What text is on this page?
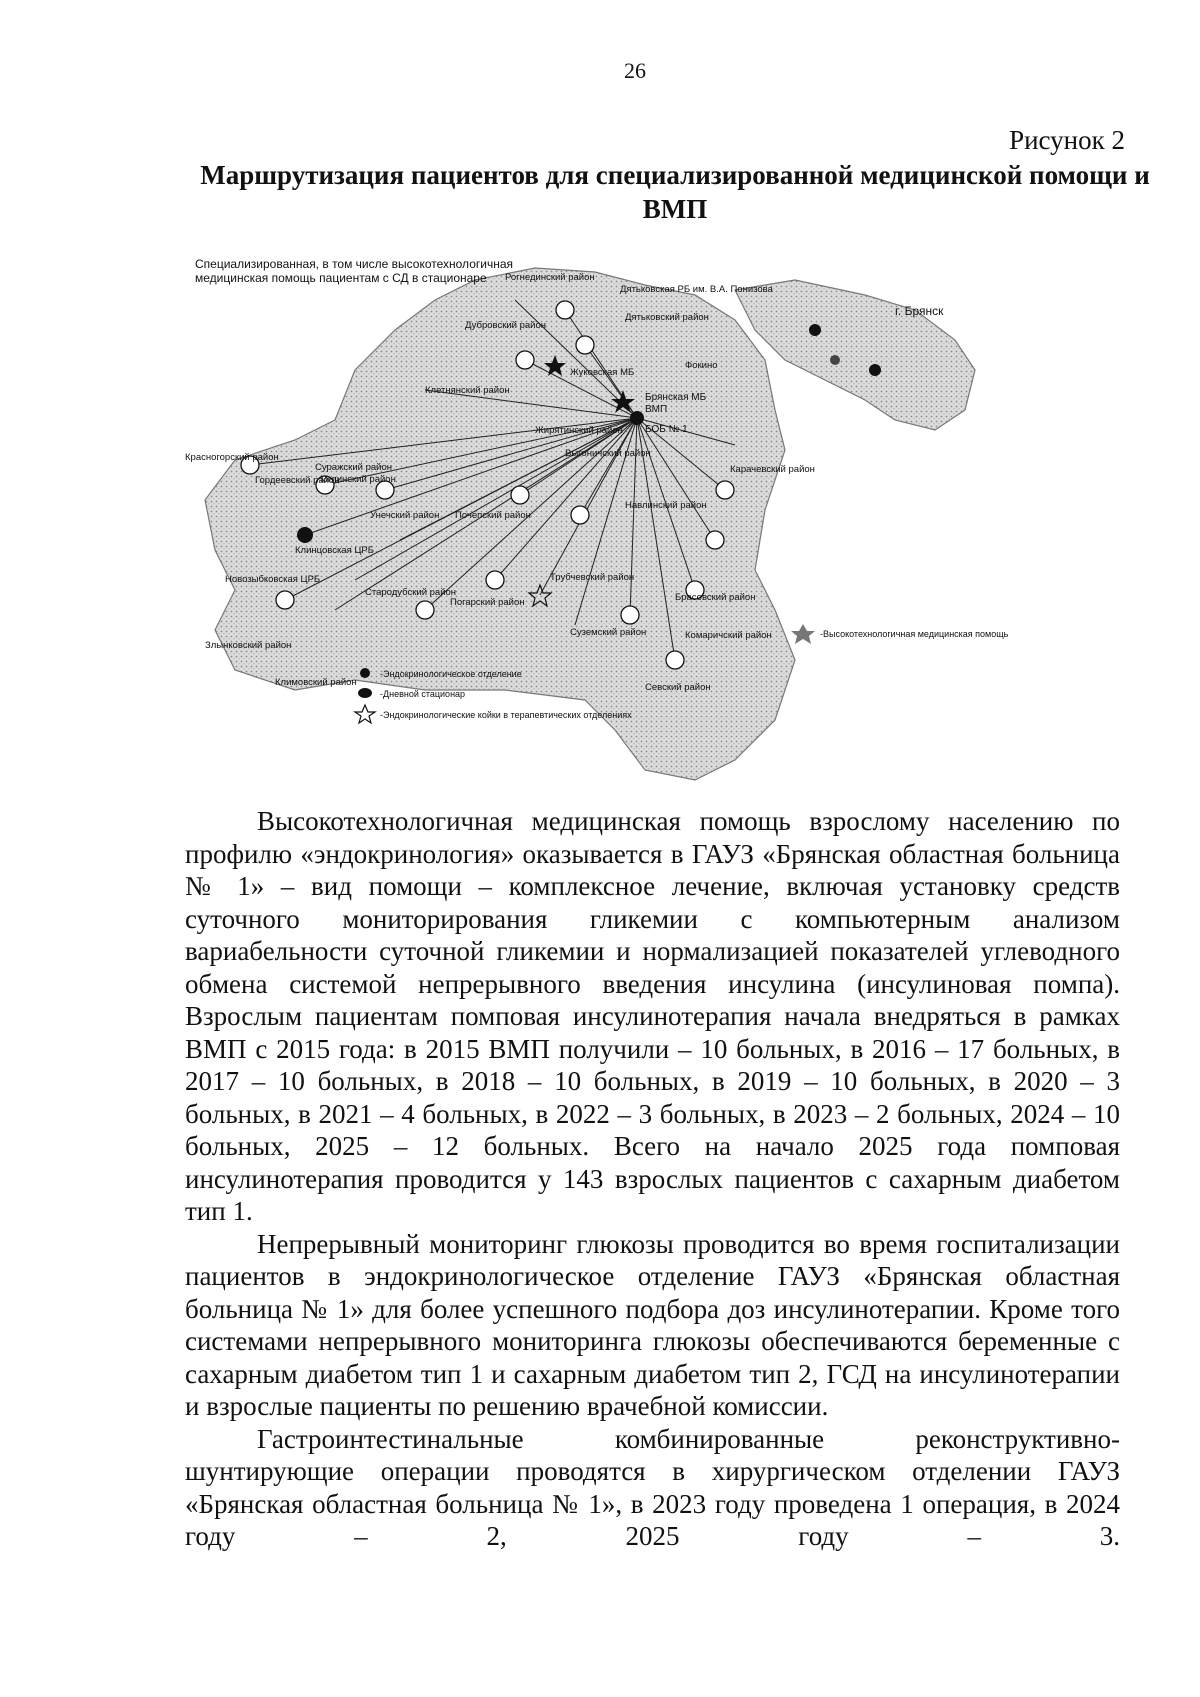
26
Рисунок 2
Маршрутизация пациентов для специализированной медицинской помощи и ВМП
Специализированная, в том числе высокотехнологичная
медицинская помощь пациентам с СД в стационаре
Брянская МБ
ВМП
БОБ № 1
г. Брянск
Рогнединский район
Дятьковская РБ им. В.А. Понизова
Дятьковский район
Дубровский район
Жуковская МБ
Фокино
Клетнянский район
Жирятинский район
Выгоничский район
Карачевский район
Красногорский район
Суражский район
Мглинский район
Гордеевский район
Унечский район Почепский район
Навлинский район
Клинцовская ЦРБ
Новозыбковская ЦРБ
Стародубский район
Погарский район
Трубчевский район
Брасовский район
Суземский район	Комаричский район
Севский район
Климовский район
Злынковский район
-Эндокринологическое отделение
-Дневной стационар
-Эндокринологические койки в терапевтических отделениях
-Высокотехнологичная медицинская помощь

Высокотехнологичная медицинская помощь взрослому населению по профилю «эндокринология» оказывается в ГАУЗ «Брянская областная больница № 1» – вид помощи – комплексное лечение, включая установку средств суточного мониторирования гликемии с компьютерным анализом вариабельности суточной гликемии и нормализацией показателей углеводного обмена системой непрерывного введения инсулина (инсулиновая помпа). Взрослым пациентам помповая инсулинотерапия начала внедряться в рамках ВМП с 2015 года: в 2015 ВМП получили – 10 больных, в 2016 – 17 больных, в 2017 – 10 больных, в 2018 – 10 больных, в 2019 – 10 больных, в 2020 – 3 больных, в 2021 – 4 больных, в 2022 – 3 больных, в 2023 – 2 больных, 2024 – 10 больных, 2025 – 12 больных. Всего на начало 2025 года помповая инсулинотерапия проводится у 143 взрослых пациентов с сахарным диабетом тип 1.

Непрерывный мониторинг глюкозы проводится во время госпитализации пациентов в эндокринологическое отделение ГАУЗ «Брянская областная больница № 1» для более успешного подбора доз инсулинотерапии. Кроме того системами непрерывного мониторинга глюкозы обеспечиваются беременные с сахарным диабетом тип 1 и сахарным диабетом тип 2, ГСД на инсулинотерапии и взрослые пациенты по решению врачебной комиссии.

Гастроинтестинальные комбинированные реконструктивно-шунтирующие операции проводятся в хирургическом отделении ГАУЗ «Брянская областная больница № 1», в 2023 году проведена 1 операция, в 2024 году – 2, 2025 году – 3.
